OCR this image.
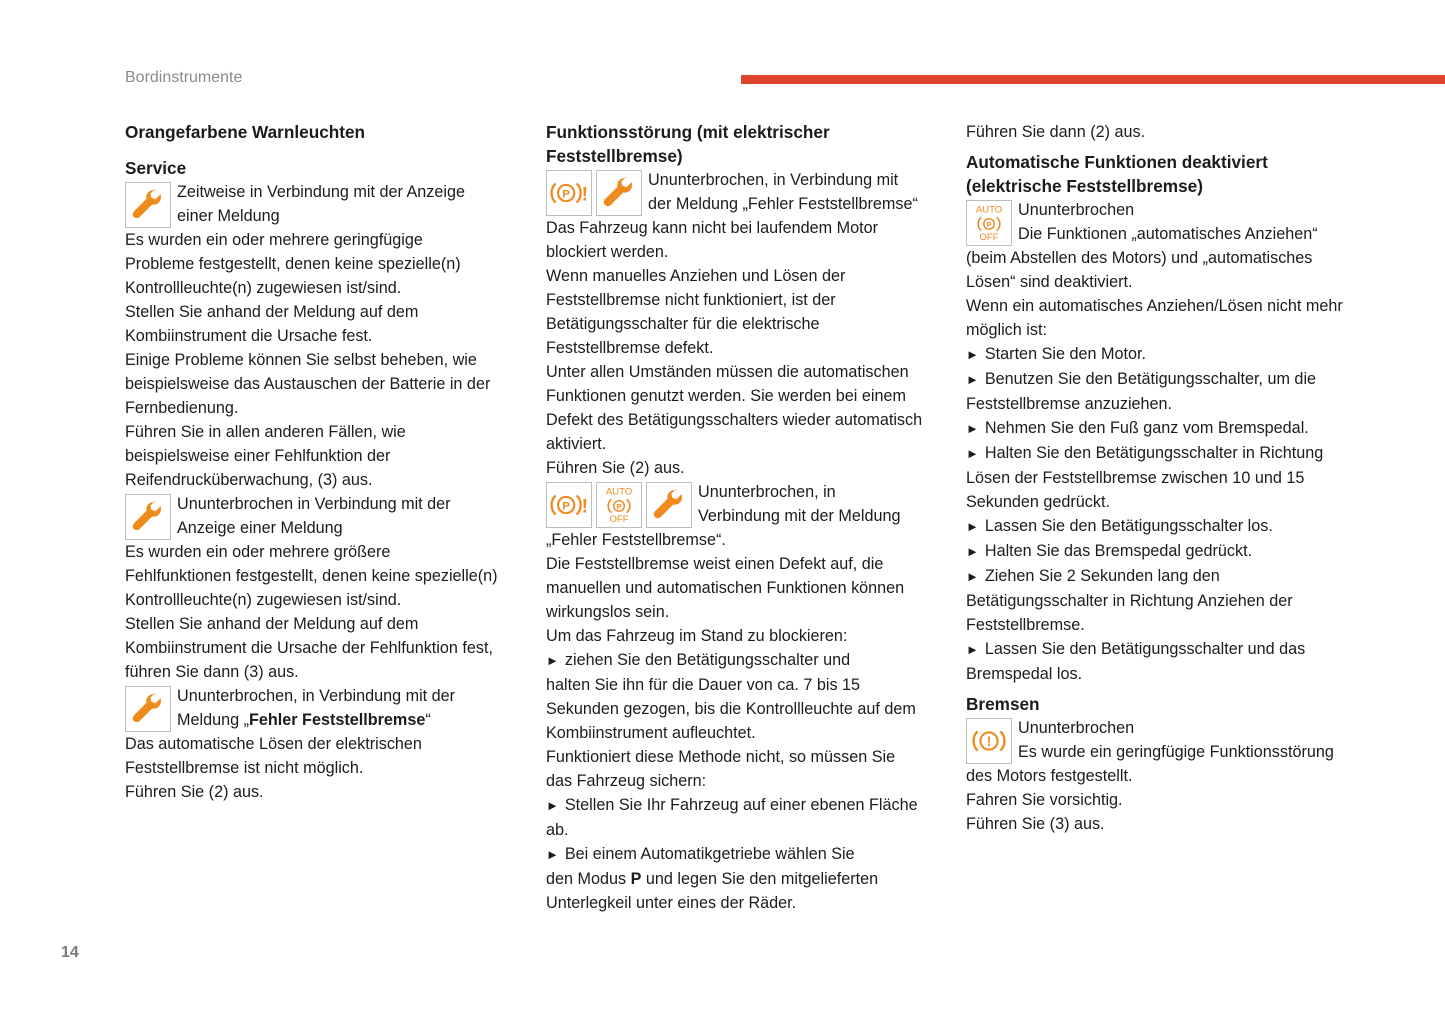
Bordinstrumente
Orangefarbene Warnleuchten
Service

Zeitweise in Verbindung mit der Anzeige

einer Meldung

Es wurden ein oder mehrere geringfügige

Probleme festgestellt, denen keine spezielle(n)

Kontrollleuchte(n) zugewiesen ist/sind.

Stellen Sie anhand der Meldung auf dem

Kombiinstrument die Ursache fest.

Einige Probleme können Sie selbst beheben, wie

beispielsweise das Austauschen der Batterie in der

Fernbedienung.

Führen Sie in allen anderen Fällen, wie

beispielsweise einer Fehlfunktion der

Reifendrucküberwachung, (3) aus.

Ununterbrochen in Verbindung mit der

Anzeige einer Meldung

Es wurden ein oder mehrere größere

Fehlfunktionen festgestellt, denen keine spezielle(n)

Kontrollleuchte(n) zugewiesen ist/sind.

Stellen Sie anhand der Meldung auf dem

Kombiinstrument die Ursache der Fehlfunktion fest,

führen Sie dann (3) aus.

Ununterbrochen, in Verbindung mit der

Meldung „Fehler Feststellbremse“

Das automatische Lösen der elektrischen

Feststellbremse ist nicht möglich.

Führen Sie (2) aus.

Funktionsstörung (mit elektrischer
Feststellbremse)
P !

Ununterbrochen, in Verbindung mit

der Meldung „Fehler Feststellbremse“

Das Fahrzeug kann nicht bei laufendem Motor

blockiert werden.

Wenn manuelles Anziehen und Lösen der

Feststellbremse nicht funktioniert, ist der

Betätigungsschalter für die elektrische

Feststellbremse defekt.

Unter allen Umständen müssen die automatischen

Funktionen genutzt werden. Sie werden bei einem

Defekt des Betätigungsschalters wieder automatisch

aktiviert.

Führen Sie (2) aus.

P !
AUTO
P
OFF

Ununterbrochen, in

Verbindung mit der Meldung

„Fehler Feststellbremse“.

Die Feststellbremse weist einen Defekt auf, die

manuellen und automatischen Funktionen können

wirkungslos sein.

Um das Fahrzeug im Stand zu blockieren:

► ziehen Sie den Betätigungsschalter und

halten Sie ihn für die Dauer von ca. 7 bis 15

Sekunden gezogen, bis die Kontrollleuchte auf dem

Kombiinstrument aufleuchtet.

Funktioniert diese Methode nicht, so müssen Sie

das Fahrzeug sichern:

► Stellen Sie Ihr Fahrzeug auf einer ebenen Fläche

ab.

► Bei einem Automatikgetriebe wählen Sie

den Modus P und legen Sie den mitgelieferten

Unterlegkeil unter eines der Räder.

Führen Sie dann (2) aus.

Automatische Funktionen deaktiviert
(elektrische Feststellbremse)
AUTO
P
OFF

Ununterbrochen

Die Funktionen „automatisches Anziehen“

(beim Abstellen des Motors) und „automatisches

Lösen“ sind deaktiviert.

Wenn ein automatisches Anziehen/Lösen nicht mehr

möglich ist:

► Starten Sie den Motor.

► Benutzen Sie den Betätigungsschalter, um die

Feststellbremse anzuziehen.

► Nehmen Sie den Fuß ganz vom Bremspedal.

► Halten Sie den Betätigungsschalter in Richtung

Lösen der Feststellbremse zwischen 10 und 15

Sekunden gedrückt.

► Lassen Sie den Betätigungsschalter los.

► Halten Sie das Bremspedal gedrückt.

► Ziehen Sie 2 Sekunden lang den

Betätigungsschalter in Richtung Anziehen der

Feststellbremse.

► Lassen Sie den Betätigungsschalter und das

Bremspedal los.

Bremsen
!

Ununterbrochen

Es wurde ein geringfügige Funktionsstörung

des Motors festgestellt.

Fahren Sie vorsichtig.

Führen Sie (3) aus.

14
